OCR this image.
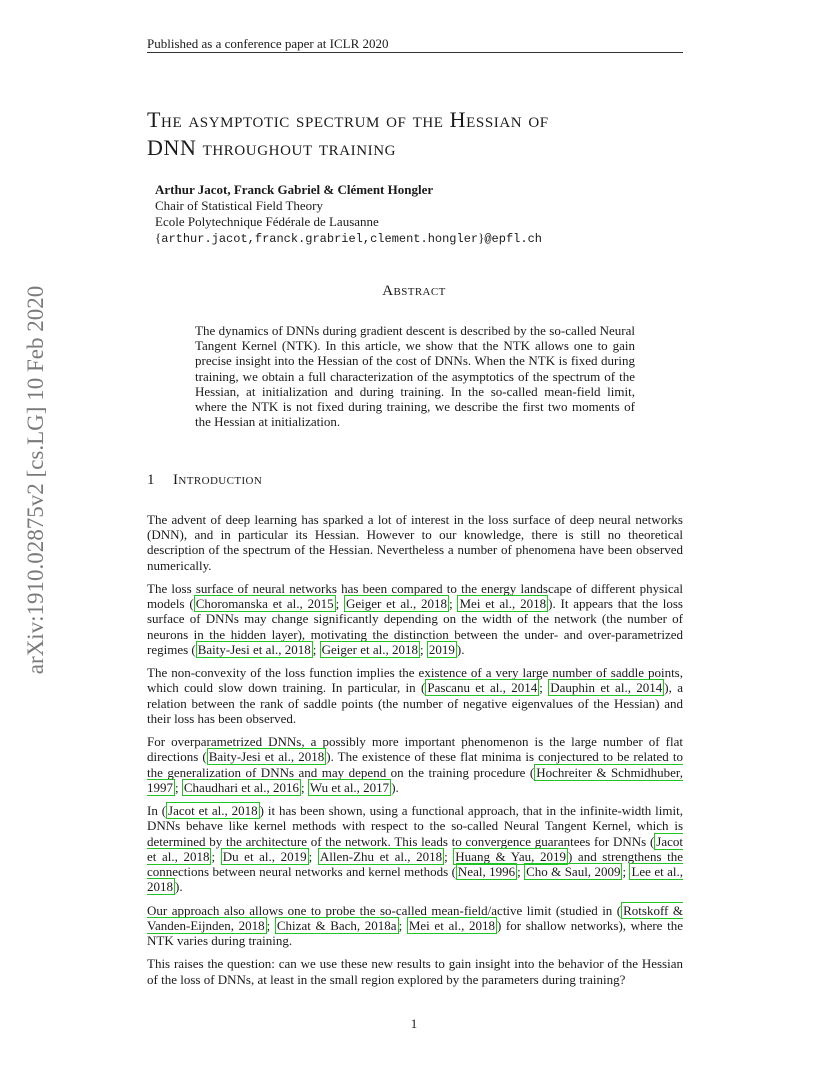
Published as a conference paper at ICLR 2020
The asymptotic spectrum of the Hessian of
DNN throughout training
Arthur Jacot, Franck Gabriel & Clément Hongler
Chair of Statistical Field Theory
Ecole Polytechnique Fédérale de Lausanne
{arthur.jacot,franck.grabriel,clement.hongler}@epfl.ch
Abstract
The dynamics of DNNs during gradient descent is described by the so-called Neural Tangent Kernel (NTK). In this article, we show that the NTK allows one to gain precise insight into the Hessian of the cost of DNNs. When the NTK is fixed during training, we obtain a full characterization of the asymptotics of the spectrum of the Hessian, at initialization and during training. In the so-called mean-field limit, where the NTK is not fixed during training, we describe the first two moments of the Hessian at initialization.
1 Introduction

The advent of deep learning has sparked a lot of interest in the loss surface of deep neural networks (DNN), and in particular its Hessian. However to our knowledge, there is still no theoretical description of the spectrum of the Hessian. Nevertheless a number of phenomena have been observed numerically.

The loss surface of neural networks has been compared to the energy landscape of different physical models ( Choromanska et al., 2015 ; Geiger et al., 2018 ; Mei et al., 2018 ). It appears that the loss surface of DNNs may change significantly depending on the width of the network (the number of neurons in the hidden layer), motivating the distinction between the under- and over-parametrized regimes ( Baity-Jesi et al., 2018 ; Geiger et al., 2018 ; 2019 ).

The non-convexity of the loss function implies the existence of a very large number of saddle points, which could slow down training. In particular, in ( Pascanu et al., 2014 ; Dauphin et al., 2014 ), a relation between the rank of saddle points (the number of negative eigenvalues of the Hessian) and their loss has been observed.

For overparametrized DNNs, a possibly more important phenomenon is the large number of flat directions ( Baity-Jesi et al., 2018 ). The existence of these flat minima is conjectured to be related to the generalization of DNNs and may depend on the training procedure ( Hochreiter & Schmidhuber, 1997 ; Chaudhari et al., 2016 ; Wu et al., 2017 ).

In ( Jacot et al., 2018 ) it has been shown, using a functional approach, that in the infinite-width limit, DNNs behave like kernel methods with respect to the so-called Neural Tangent Kernel, which is determined by the architecture of the network. This leads to convergence guarantees for DNNs ( Jacot et al., 2018 ; Du et al., 2019 ; Allen-Zhu et al., 2018 ; Huang & Yau, 2019 ) and strengthens the connections between neural networks and kernel methods ( Neal, 1996 ; Cho & Saul, 2009 ; Lee et al., 2018 ).

Our approach also allows one to probe the so-called mean-field/active limit (studied in ( Rotskoff & Vanden-Eijnden, 2018 ; Chizat & Bach, 2018a ; Mei et al., 2018 ) for shallow networks), where the NTK varies during training.

This raises the question: can we use these new results to gain insight into the behavior of the Hessian of the loss of DNNs, at least in the small region explored by the parameters during training?

1
arXiv:1910.02875v2 [cs.LG] 10 Feb 2020
